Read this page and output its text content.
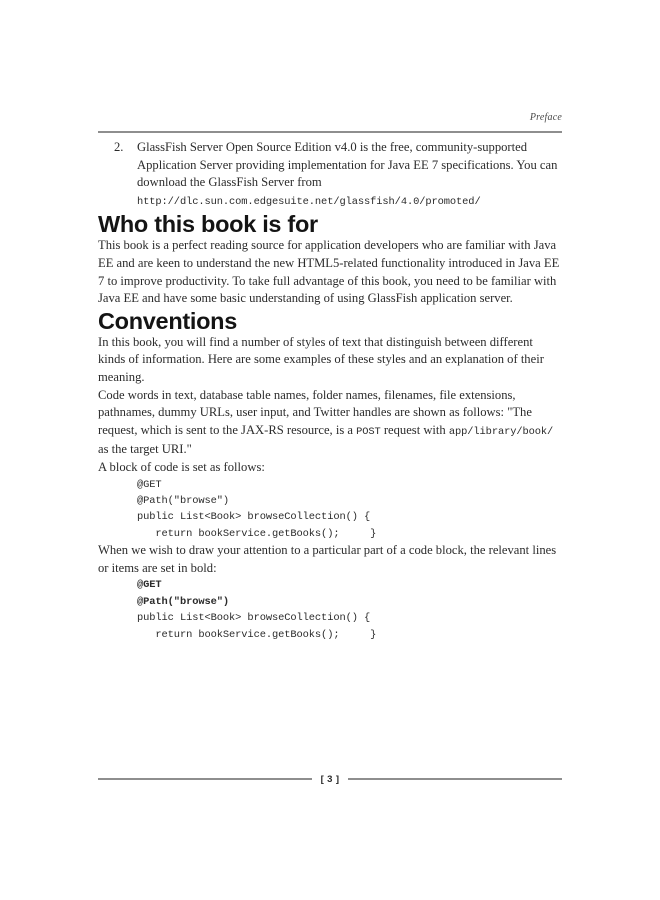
Preface
2. GlassFish Server Open Source Edition v4.0 is the free, community-supported Application Server providing implementation for Java EE 7 specifications. You can download the GlassFish Server from http://dlc.sun.com.edgesuite.net/glassfish/4.0/promoted/
Who this book is for

This book is a perfect reading source for application developers who are familiar with Java EE and are keen to understand the new HTML5-related functionality introduced in Java EE 7 to improve productivity. To take full advantage of this book, you need to be familiar with Java EE and have some basic understanding of using GlassFish application server.

Conventions

In this book, you will find a number of styles of text that distinguish between different kinds of information. Here are some examples of these styles and an explanation of their meaning.

Code words in text, database table names, folder names, filenames, file extensions, pathnames, dummy URLs, user input, and Twitter handles are shown as follows: "The request, which is sent to the JAX-RS resource, is a POST request with app/library/book/ as the target URI."

A block of code is set as follows:

@GET
@Path("browse")
public List<Book> browseCollection() {
return bookService.getBooks();     }

When we wish to draw your attention to a particular part of a code block, the relevant lines or items are set in bold:

@GET
@Path("browse")
public List<Book> browseCollection() {
return bookService.getBooks();     }
[ 3 ]
